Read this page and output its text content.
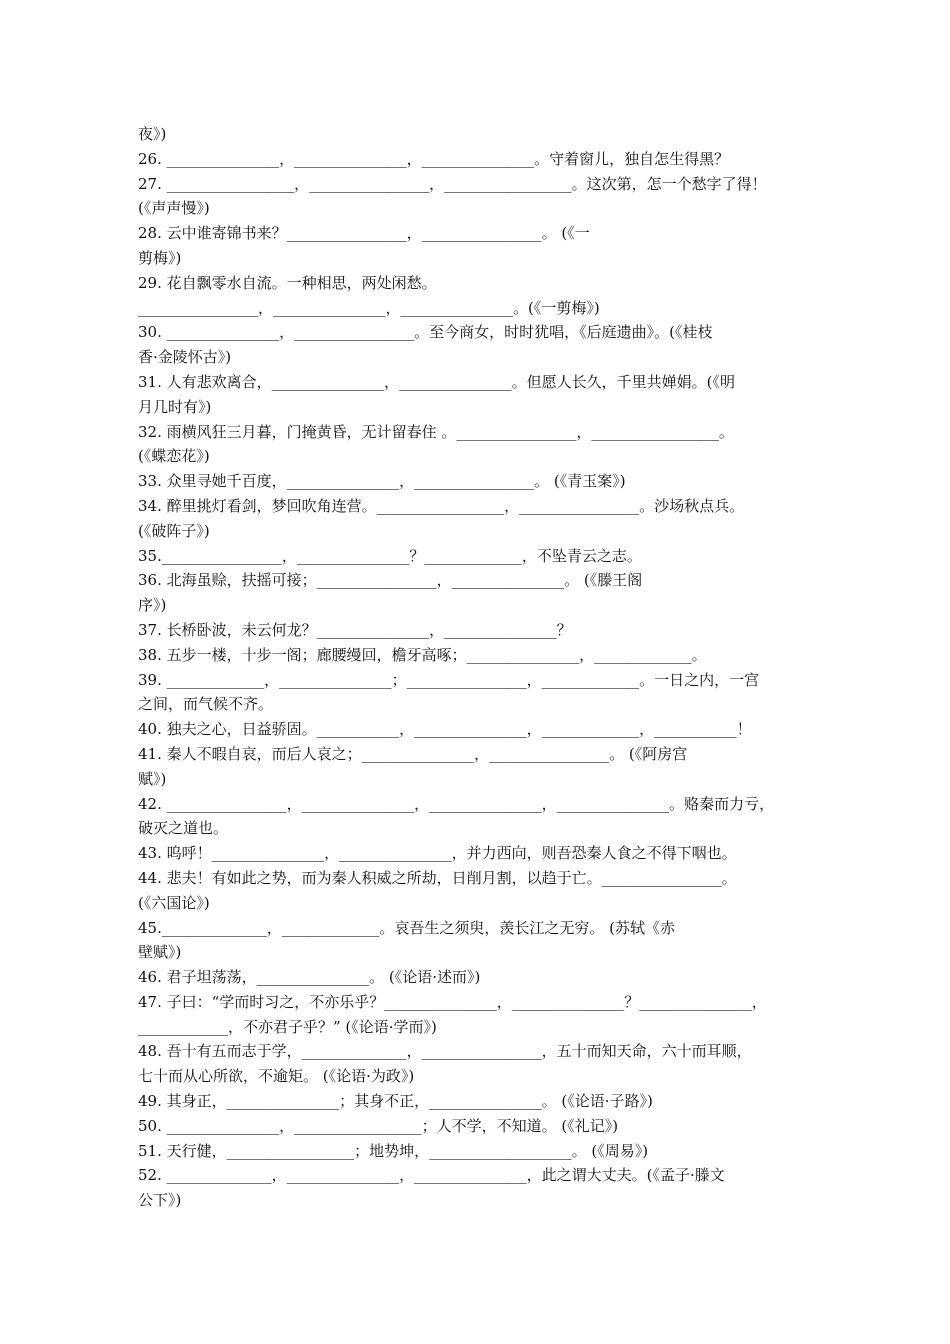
夜》)
26. _______________，_______________，_______________。守着窗儿，独自怎生得黑？
27. _________________，________________，_________________。这次第，怎一个愁字了得！
(《声声慢》)
28. 云中谁寄锦书来？________________，________________。 (《一
剪梅》)
29. 花自飘零水自流。一种相思，两处闲愁。
________________，_______________，_______________。(《一剪梅》)
30. _______________，________________。至今商女，时时犹唱，《后庭遗曲》。(《桂枝
香·金陵怀古》)
31. 人有悲欢离合，_______________，_______________。但愿人长久，千里共婵娟。(《明
月几时有》)
32. 雨横风狂三月暮，门掩黄昏，无计留春住 。________________，_________________。
(《蝶恋花》)
33. 众里寻她千百度，_______________，________________。 (《青玉案》)
34. 醉里挑灯看剑，梦回吹角连营。_________________，________________。沙场秋点兵。
(《破阵子》)
35.________________，_______________？_____________，不坠青云之志。
36. 北海虽赊，扶摇可接；________________，_______________。 (《滕王阁
序》)
37. 长桥卧波，未云何龙？_______________，_______________？
38. 五步一楼，十步一阁；廊腰缦回，檐牙高啄；_______________，_____________。
39. _____________，_______________；________________，_____________。一日之内，一宫
之间，而气候不齐。
40. 独夫之心，日益骄固。___________，_______________，_____________，___________！
41. 秦人不暇自哀，而后人哀之；_______________，________________。 (《阿房宫
赋》)
42. ________________，_______________，_______________，_______________。赂秦而力亏，
破灭之道也。
43. 呜呼！_______________，_______________，并力西向，则吾恐秦人食之不得下咽也。
44. 悲夫！有如此之势，而为秦人积威之所劫，日削月割，以趋于亡。________________。
(《六国论》)
45.______________，_____________。哀吾生之须臾，羡长江之无穷。 (苏轼《赤
壁赋》)
46. 君子坦荡荡，_______________。 (《论语·述而》)
47. 子曰：“学而时习之，不亦乐乎？_______________，_______________？_______________，
____________，不亦君子乎？” (《论语·学而》)
48. 吾十有五而志于学，______________，________________，五十而知天命，六十而耳顺，
七十而从心所欲，不逾矩。 (《论语·为政》)
49. 其身正，_______________；其身不正，_______________。 (《论语·子路》)
50. _______________，_________________；人不学，不知道。 (《礼记》)
51. 天行健，_________________；地势坤，___________________。 (《周易》)
52. ______________，_______________，_______________，此之谓大丈夫。(《孟子·滕文
公下》)
